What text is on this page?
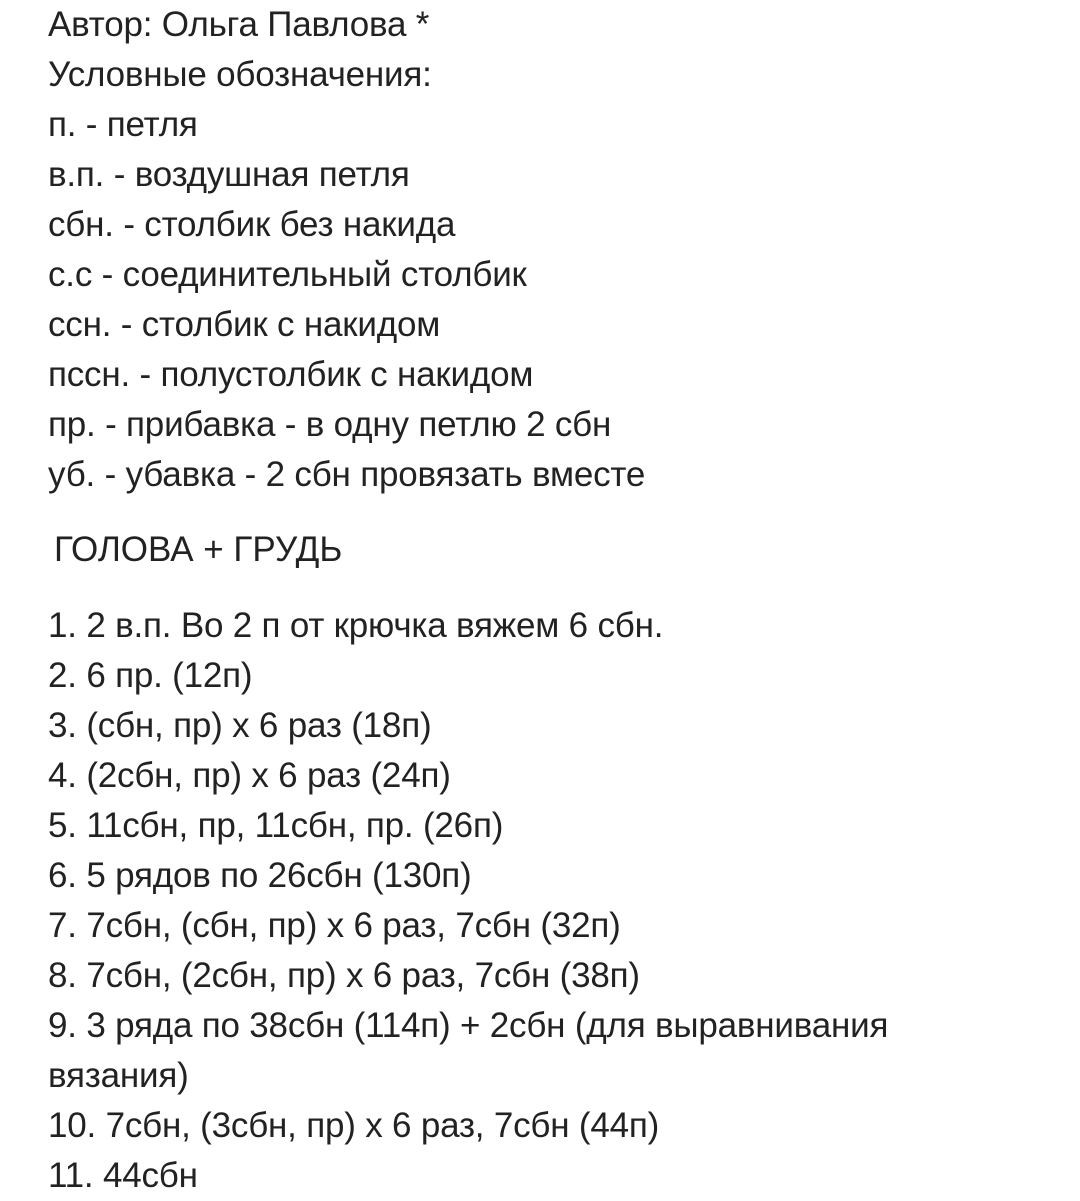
Автор: Ольга Павлова *
Условные обозначения:
п. - петля
в.п. - воздушная петля
сбн. - столбик без накида
с.с - соединительный столбик
ссн. - столбик с накидом
пссн. - полустолбик с накидом
пр. - прибавка - в одну петлю 2 сбн
уб. - убавка - 2 сбн провязать вместе
ГОЛОВА + ГРУДЬ
1. 2 в.п. Во 2 п от крючка вяжем 6 сбн.
2. 6 пр. (12п)
3. (сбн, пр) х 6 раз (18п)
4. (2сбн, пр) х 6 раз (24п)
5. 11сбн, пр, 11сбн, пр. (26п)
6. 5 рядов по 26сбн (130п)
7. 7сбн, (сбн, пр) х 6 раз, 7сбн (32п)
8. 7сбн, (2сбн, пр) х 6 раз, 7сбн (38п)
9. 3 ряда по 38сбн (114п) + 2сбн (для выравнивания
вязания)
10. 7сбн, (3сбн, пр) х 6 раз, 7сбн (44п)
11. 44сбн
